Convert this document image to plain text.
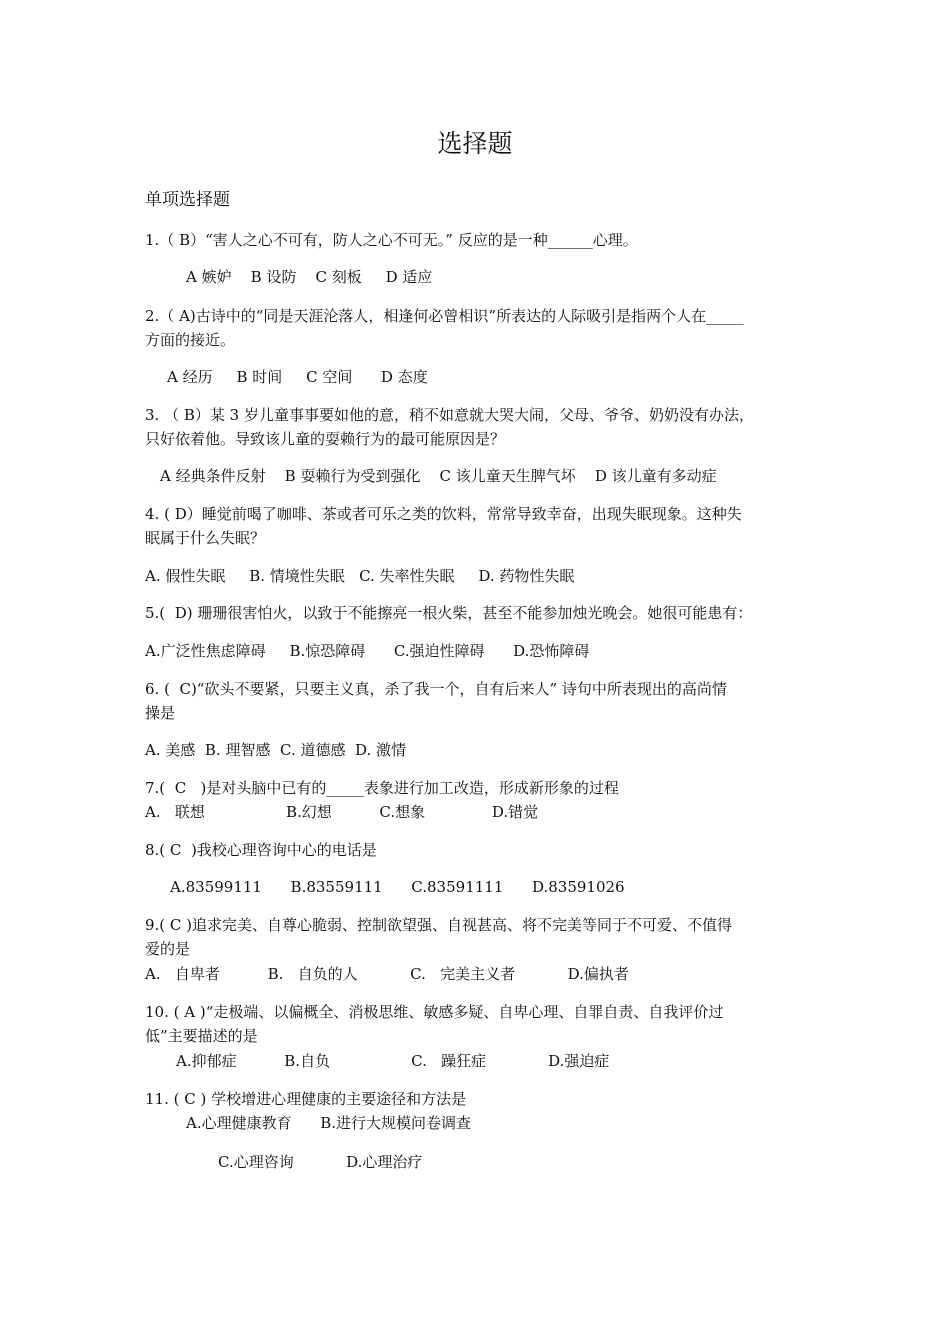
选择题
单项选择题
1.（ B）“害人之心不可有，防人之心不可无。” 反应的是一种______心理。
A 嫉妒    B 设防    C 刻板     D 适应
2.（ A)古诗中的“同是天涯沦落人，相逢何必曾相识”所表达的人际吸引是指两个人在_____
方面的接近。
A 经历     B 时间     C 空间      D 态度
3. （ B）某 3 岁儿童事事要如他的意，稍不如意就大哭大闹，父母、爷爷、奶奶没有办法，
只好依着他。导致该儿童的耍赖行为的最可能原因是？
A 经典条件反射    B 耍赖行为受到强化    C 该儿童天生脾气坏    D 该儿童有多动症
4. ( D）睡觉前喝了咖啡、茶或者可乐之类的饮料，常常导致幸奋，出现失眠现象。这种失
眠属于什么失眠？
A. 假性失眠     B. 情境性失眠   C. 失率性失眠     D. 药物性失眠
5.(  D) 珊珊很害怕火，以致于不能擦亮一根火柴，甚至不能参加烛光晚会。她很可能患有：
A.广泛性焦虑障碍     B.惊恐障碍      C.强迫性障碍      D.恐怖障碍
6. (  C)“砍头不要紧，只要主义真，杀了我一个，自有后来人” 诗句中所表现出的高尚情
操是
A. 美感  B. 理智感  C. 道德感  D. 激情
7.(  C   )是对头脑中已有的_____表象进行加工改造，形成新形象的过程
A.   联想                 B.幻想          C.想象              D.错觉
8.( C  )我校心理咨询中心的电话是
A.83599111      B.83559111      C.83591111      D.83591026
9.( C )追求完美、自尊心脆弱、控制欲望强、自视甚高、将不完美等同于不可爱、不值得
爱的是
A.   自卑者          B.   自负的人           C.   完美主义者           D.偏执者
10. ( A )“走极端、以偏概全、消极思维、敏感多疑、自卑心理、自罪自责、自我评价过
低”主要描述的是
A.抑郁症          B.自负                 C.   躁狂症             D.强迫症
11. ( C ) 学校增进心理健康的主要途径和方法是
A.心理健康教育      B.进行大规模问卷调查
C.心理咨询           D.心理治疗
